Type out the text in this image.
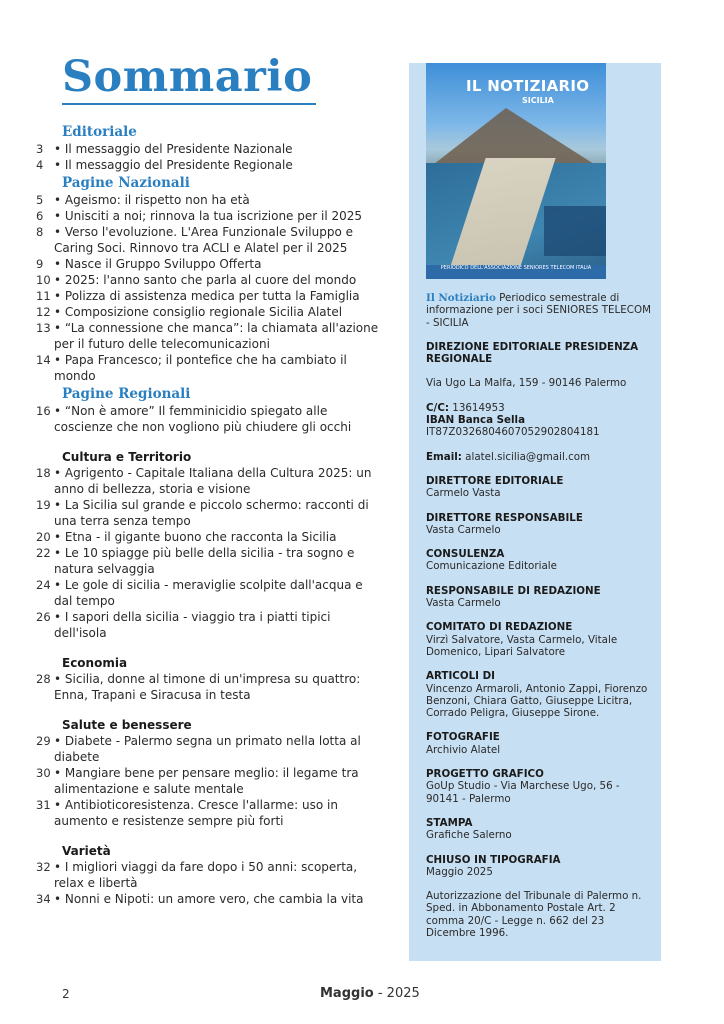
Sommario
Editoriale
3 • Il messaggio del Presidente Nazionale
4 • Il messaggio del Presidente Regionale
Pagine Nazionali
5 • Ageismo: il rispetto non ha età
6 • Unisciti a noi; rinnova la tua iscrizione per il 2025
8 • Verso l'evoluzione. L'Area Funzionale Sviluppo e Caring Soci. Rinnovo tra ACLI e Alatel per il 2025
9 • Nasce il Gruppo Sviluppo Offerta
10 • 2025: l'anno santo che parla al cuore del mondo
11 • Polizza di assistenza medica per tutta la Famiglia
12 • Composizione consiglio regionale Sicilia Alatel
13 • “La connessione che manca”: la chiamata all'azione per il futuro delle telecomunicazioni
14 • Papa Francesco; il pontefice che ha cambiato il mondo
Pagine Regionali
16 • “Non è amore” Il femminicidio spiegato alle coscienze che non vogliono più chiudere gli occhi
Cultura e Territorio
18 • Agrigento - Capitale Italiana della Cultura 2025: un anno di bellezza, storia e visione
19 • La Sicilia sul grande e piccolo schermo: racconti di una terra senza tempo
20 • Etna - il gigante buono che racconta la Sicilia
22 • Le 10 spiagge più belle della sicilia - tra sogno e natura selvaggia
24 • Le gole di sicilia - meraviglie scolpite dall'acqua e dal tempo
26 • I sapori della sicilia - viaggio tra i piatti tipici dell'isola
Economia
28 • Sicilia, donne al timone di un'impresa su quattro: Enna, Trapani e Siracusa in testa
Salute e benessere
29 • Diabete - Palermo segna un primato nella lotta al diabete
30 • Mangiare bene per pensare meglio: il legame tra alimentazione e salute mentale
31 • Antibioticoresistenza. Cresce l'allarme: uso in aumento e resistenze sempre più forti
Varietà
32 • I migliori viaggi da fare dopo i 50 anni: scoperta, relax e libertà
34 • Nonni e Nipoti: un amore vero, che cambia la vita
IL NOTIZIARIO
SICILIA
PERIODICO DELL'ASSOCIAZIONE SENIORES TELECOM ITALIA
Il Notiziario Periodico semestrale di informazione per i soci SENIORES TELECOM - SICILIA
DIREZIONE EDITORIALE PRESIDENZA REGIONALE
Via Ugo La Malfa, 159 - 90146 Palermo
C/C: 13614953
IBAN Banca Sella
IT87Z0326804607052902804181
Email: alatel.sicilia@gmail.com
DIRETTORE EDITORIALE
Carmelo Vasta
DIRETTORE RESPONSABILE
Vasta Carmelo
CONSULENZA
Comunicazione Editoriale
RESPONSABILE DI REDAZIONE
Vasta Carmelo
COMITATO DI REDAZIONE
Virzì Salvatore, Vasta Carmelo, Vitale Domenico, Lipari Salvatore
ARTICOLI DI
Vincenzo Armaroli, Antonio Zappi, Fiorenzo Benzoni, Chiara Gatto, Giuseppe Licitra, Corrado Peligra, Giuseppe Sirone.
FOTOGRAFIE
Archivio Alatel
PROGETTO GRAFICO
GoUp Studio - Via Marchese Ugo, 56 - 90141 - Palermo
STAMPA
Grafiche Salerno
CHIUSO IN TIPOGRAFIA
Maggio 2025
Autorizzazione del Tribunale di Palermo n.
Sped. in Abbonamento Postale Art. 2 comma 20/C - Legge n. 662 del 23 Dicembre 1996.
2	Maggio - 2025
